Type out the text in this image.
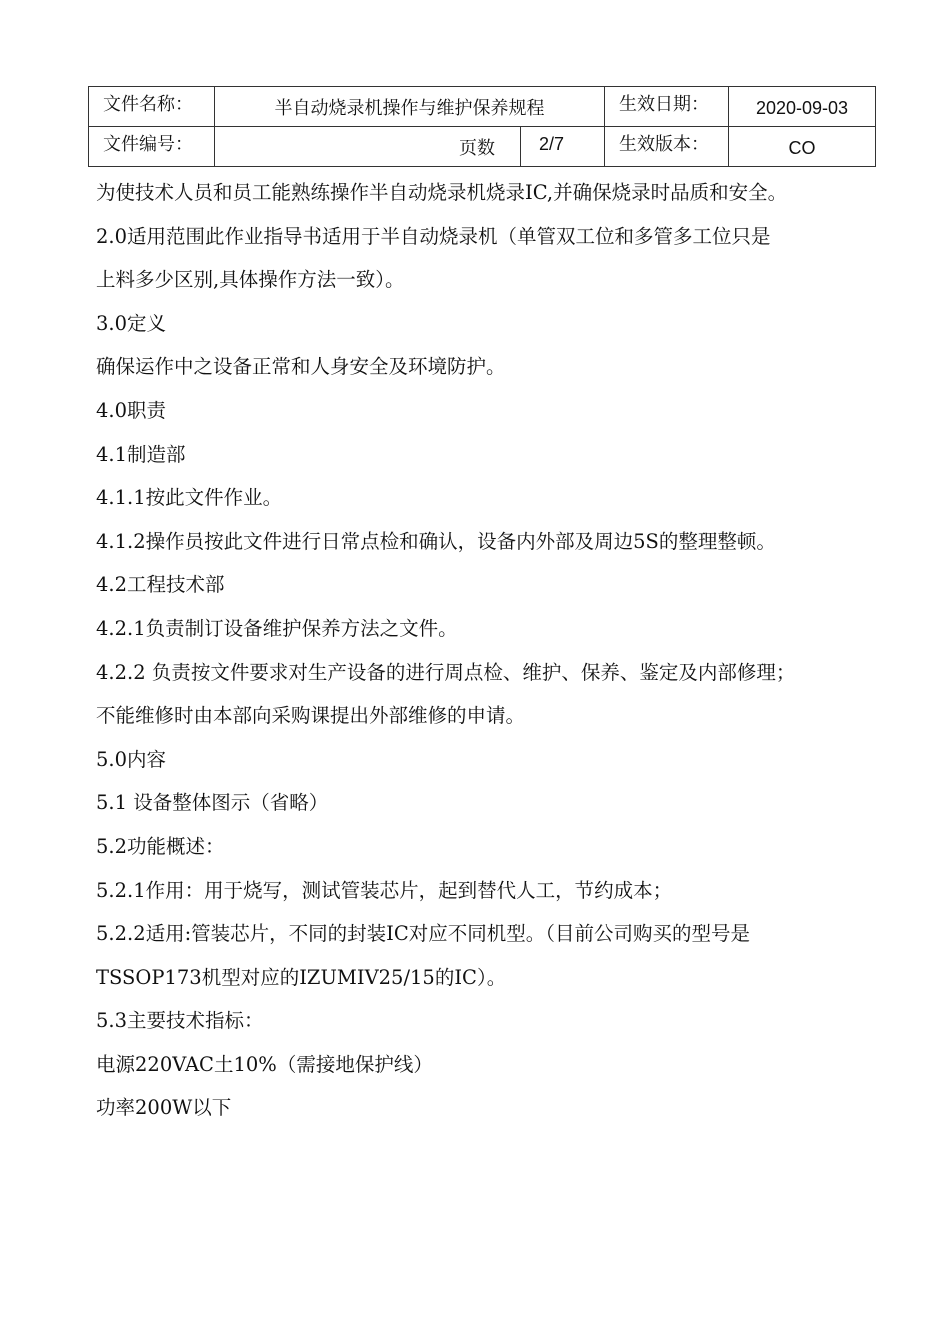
文件名称：	半自动烧录机操作与维护保养规程		生效日期：	2020-09-03

文件编号：		页数 2/7	生效版本：	CO

为使技术人员和员工能熟练操作半自动烧录机烧录IC,并确保烧录时品质和安全。

2.0适用范围此作业指导书适用于半自动烧录机（单管双工位和多管多工位只是

上料多少区别,具体操作方法一致）。

3.0定义

确保运作中之设备正常和人身安全及环境防护。

4.0职责

4.1制造部

4.1.1按此文件作业。

4.1.2操作员按此文件进行日常点检和确认，设备内外部及周边5S的整理整顿。

4.2工程技术部

4.2.1负责制订设备维护保养方法之文件。

4.2.2 负责按文件要求对生产设备的进行周点检、维护、保养、鉴定及内部修理；

不能维修时由本部向采购课提出外部维修的申请。

5.0内容

5.1 设备整体图示（省略）

5.2功能概述：

5.2.1作用：用于烧写，测试管装芯片，起到替代人工，节约成本；

5.2.2适用:管装芯片，不同的封装IC对应不同机型。（目前公司购买的型号是

TSSOP173机型对应的IZUMIV25/15的IC）。

5.3主要技术指标：

电源220VAC土10%（需接地保护线）

功率200W以下
